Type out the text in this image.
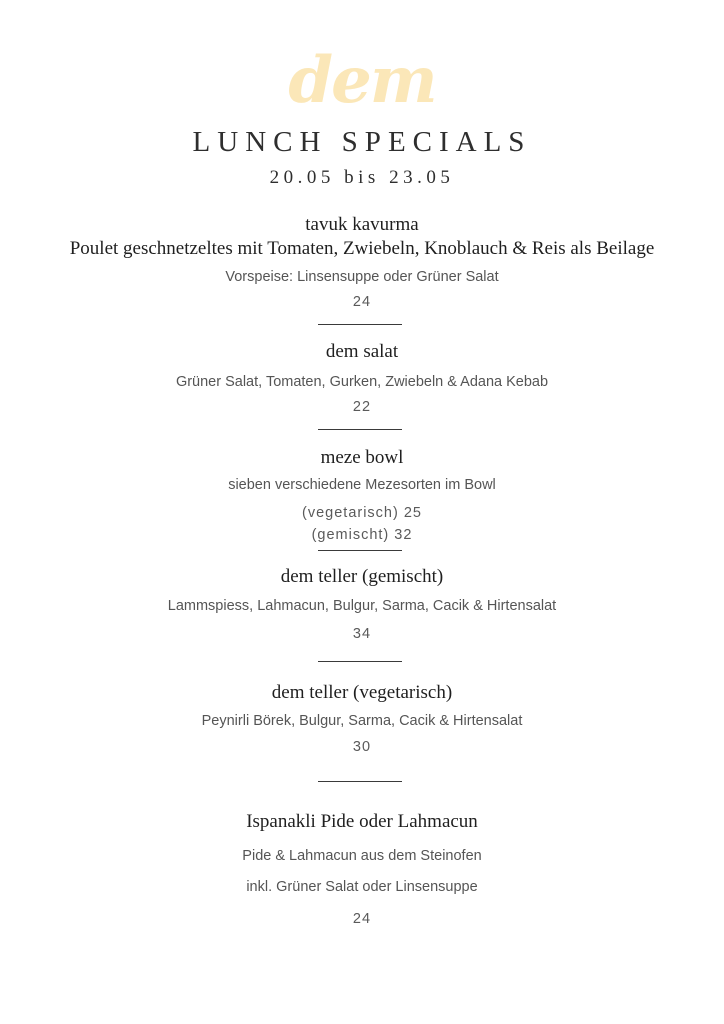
dem
LUNCH SPECIALS
20.05 bis 23.05
tavuk kavurma
Poulet geschnetzeltes mit Tomaten, Zwiebeln, Knoblauch & Reis als Beilage
Vorspeise: Linsensuppe oder Grüner Salat
24
dem salat
Grüner Salat, Tomaten, Gurken, Zwiebeln & Adana Kebab
22
meze bowl
sieben verschiedene Mezesorten im Bowl
(vegetarisch) 25
(gemischt) 32
dem teller (gemischt)
Lammspiess, Lahmacun, Bulgur, Sarma, Cacik & Hirtensalat
34
dem teller (vegetarisch)
Peynirli Börek, Bulgur, Sarma, Cacik & Hirtensalat
30
Ispanakli Pide oder Lahmacun
Pide & Lahmacun aus dem Steinofen
inkl. Grüner Salat oder Linsensuppe
24
